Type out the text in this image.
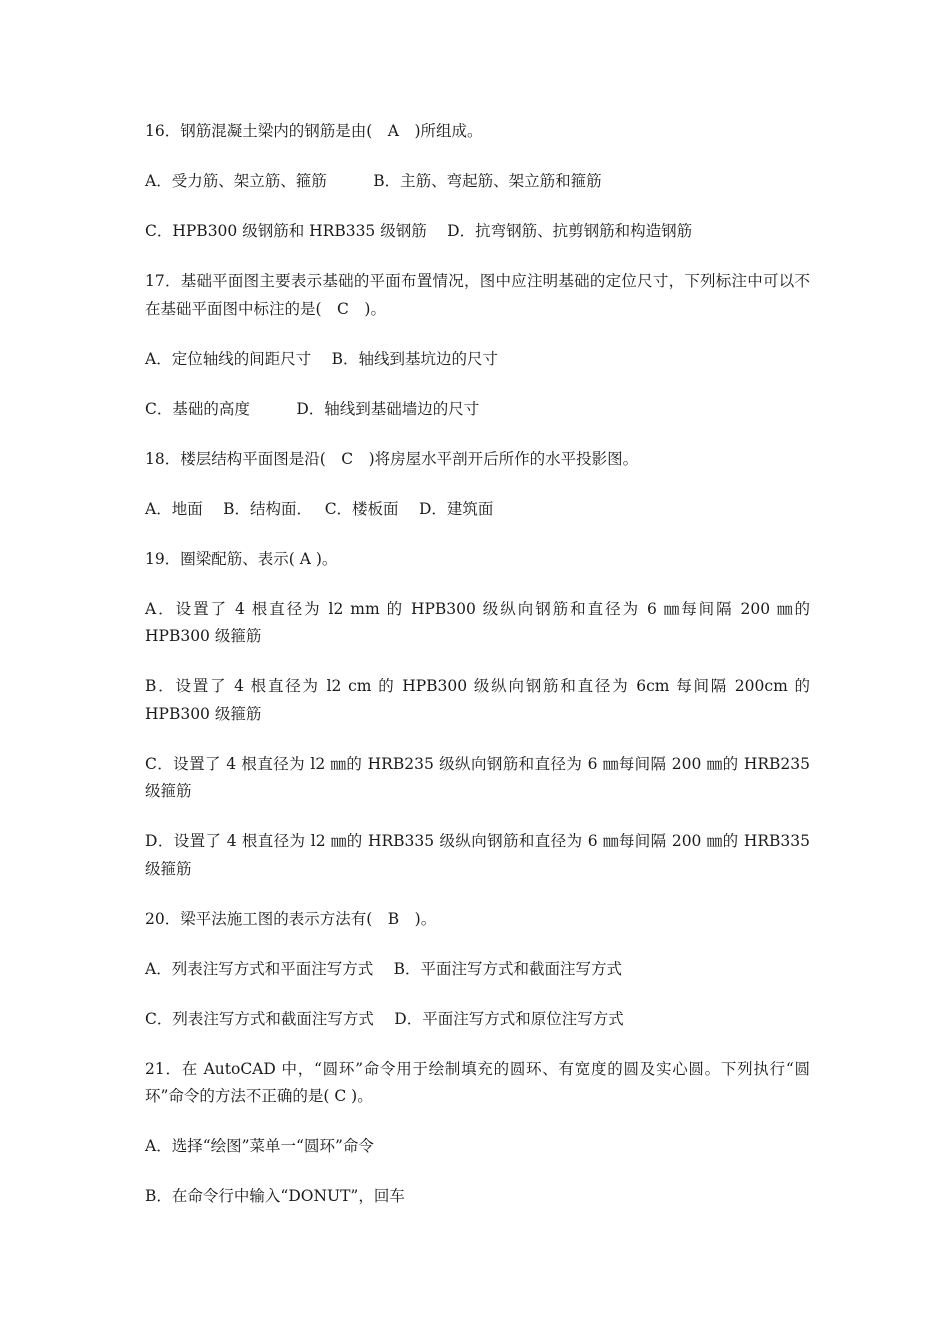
16．钢筋混凝土梁内的钢筋是由(　A　)所组成。

A．受力筋、架立筋、箍筋　　　B．主筋、弯起筋、架立筋和箍筋

C．HPB300 级钢筋和 HRB335 级钢筋　 D．抗弯钢筋、抗剪钢筋和构造钢筋

17．基础平面图主要表示基础的平面布置情况，图中应注明基础的定位尺寸，下列标注中可以不在基础平面图中标注的是(　C　)。

A．定位轴线的间距尺寸　 B．轴线到基坑边的尺寸

C．基础的高度　　　D．轴线到基础墙边的尺寸

18．楼层结构平面图是沿(　C　)将房屋水平剖开后所作的水平投影图。

A．地面　 B．结构面．　 C．楼板面　 D．建筑面

19．圈梁配筋、表示( A )。

A．设置了 4 根直径为 l2 mm 的 HPB300 级纵向钢筋和直径为 6 ㎜每间隔 200 ㎜的 HPB300 级箍筋

B．设置了 4 根直径为 l2 cm 的 HPB300 级纵向钢筋和直径为 6cm 每间隔 200cm 的 HPB300 级箍筋

C．设置了 4 根直径为 l2 ㎜的 HRB235 级纵向钢筋和直径为 6 ㎜每间隔 200 ㎜的 HRB235 级箍筋

D．设置了 4 根直径为 l2 ㎜的 HRB335 级纵向钢筋和直径为 6 ㎜每间隔 200 ㎜的 HRB335 级箍筋

20．梁平法施工图的表示方法有(　B　)。

A．列表注写方式和平面注写方式　 B．平面注写方式和截面注写方式

C．列表注写方式和截面注写方式　 D．平面注写方式和原位注写方式

21．在 AutoCAD 中，“圆环”命令用于绘制填充的圆环、有宽度的圆及实心圆。下列执行“圆环”命令的方法不正确的是( C )。

A．选择“绘图”菜单一“圆环”命令

B．在命令行中输入“DONUT”，回车
